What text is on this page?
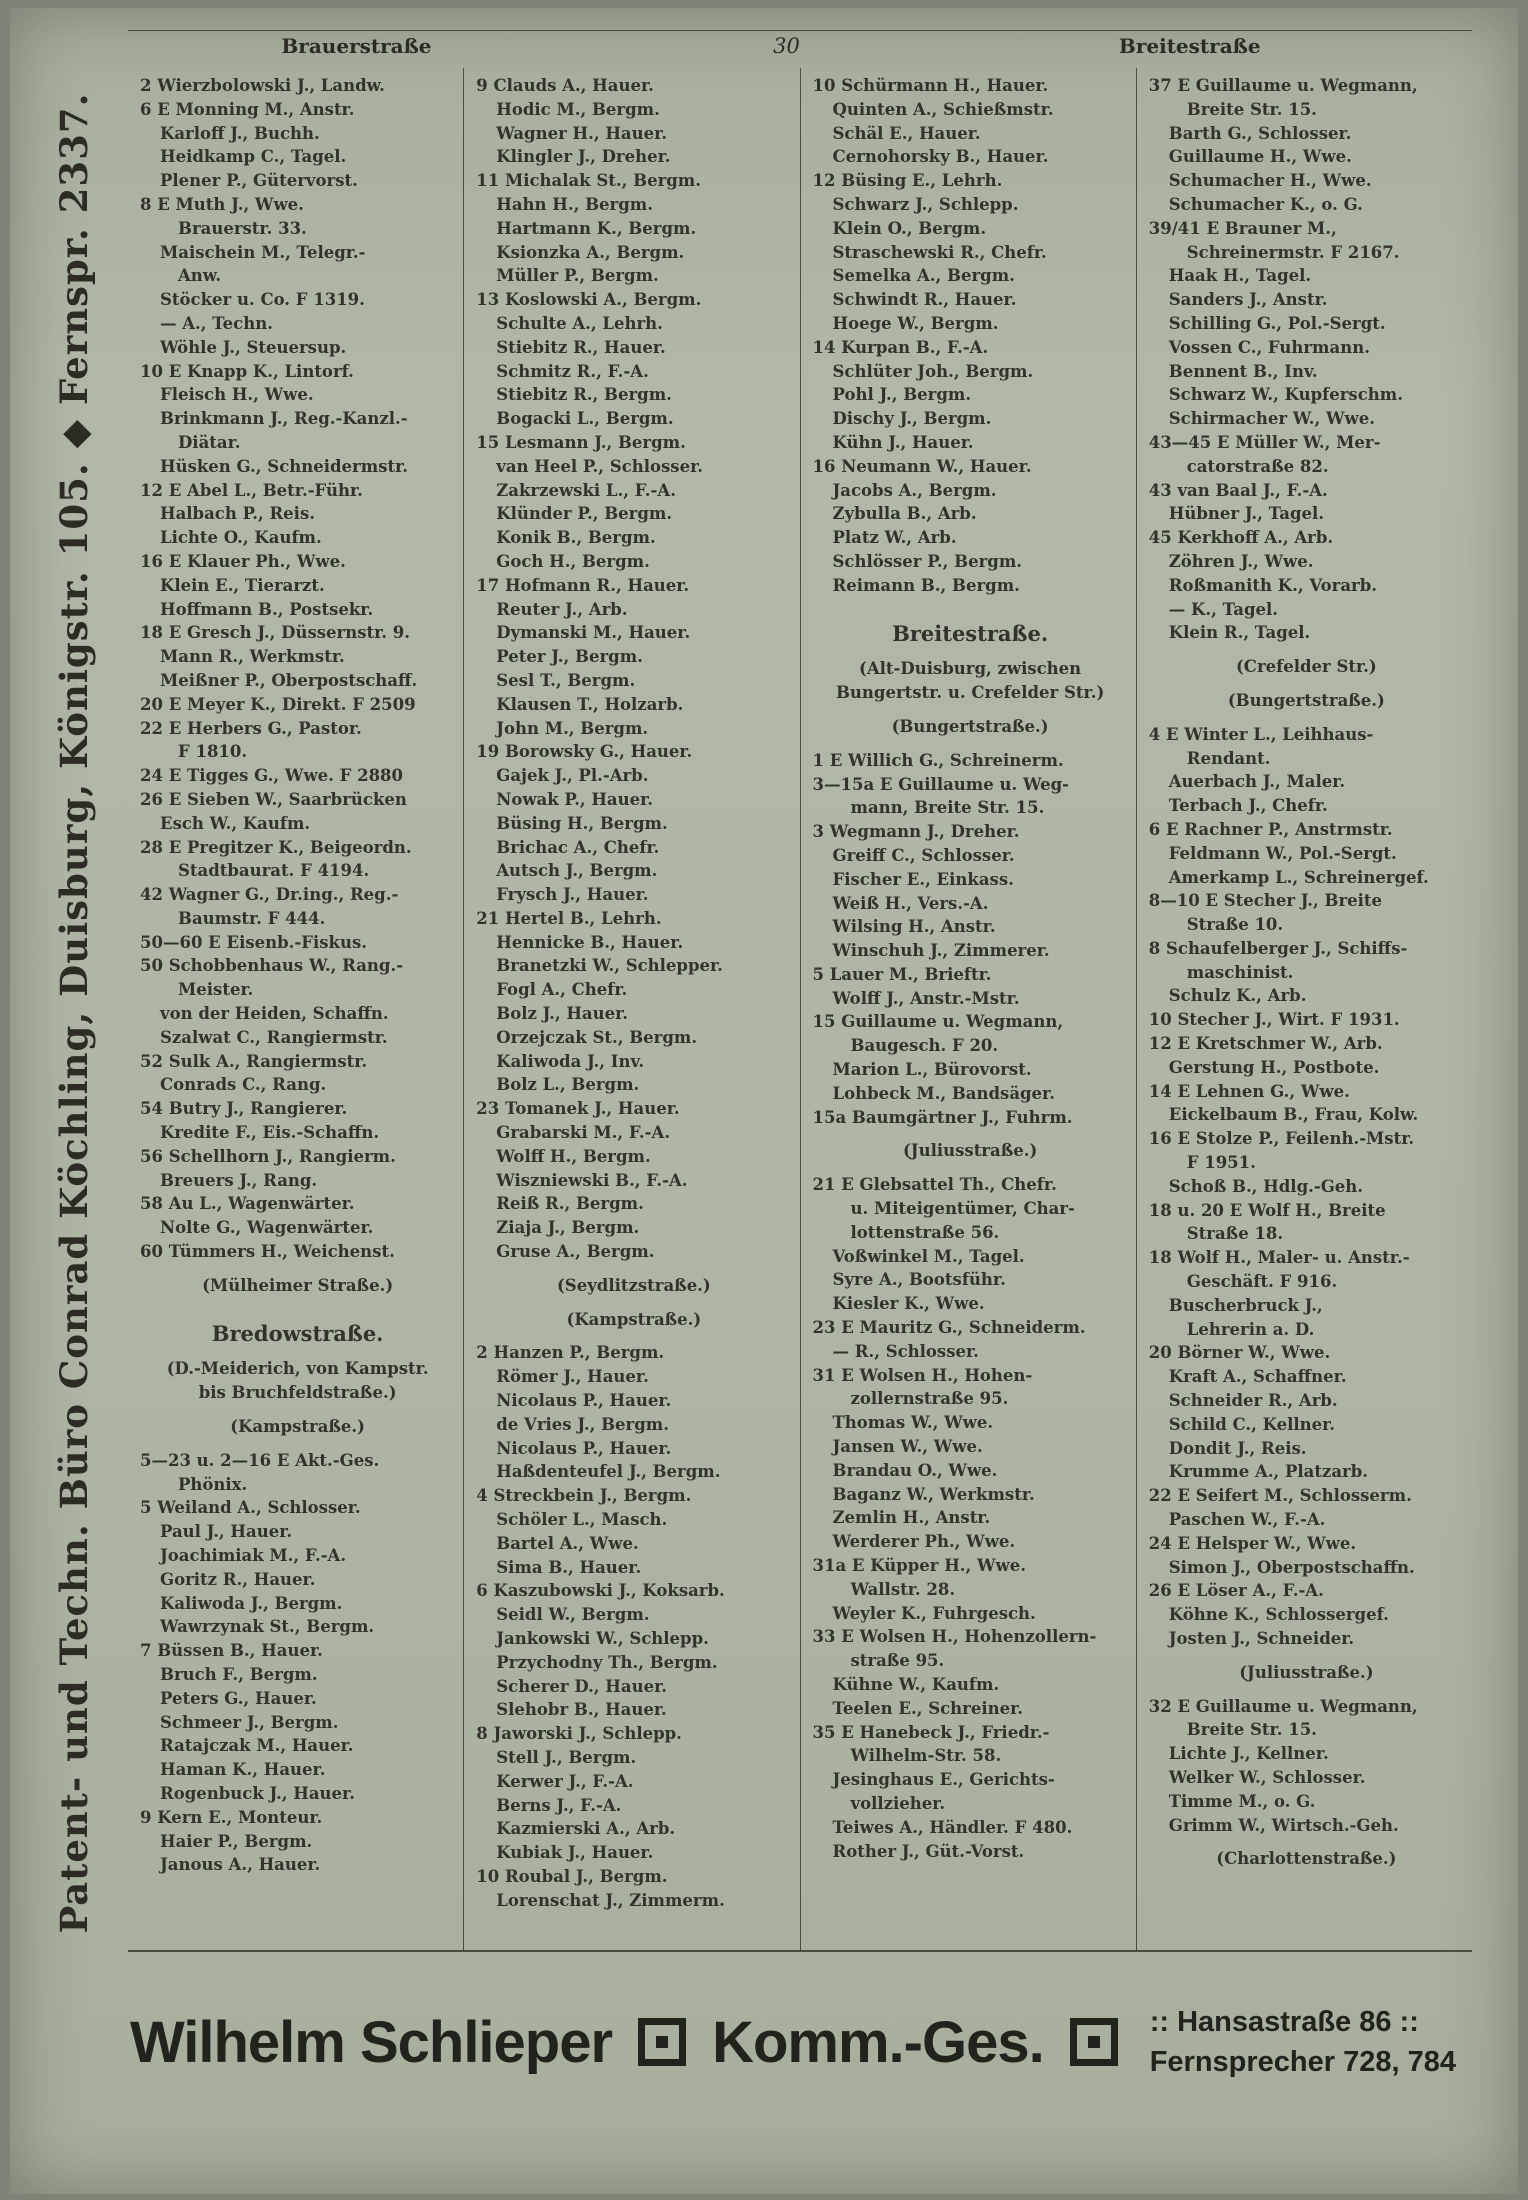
Patent- und Techn. Büro Conrad Köchling, Duisburg, Königstr. 105. ◆ Fernspr. 2337.
Brauerstraße	30	Breitestraße
2 Wierzbolowski J., Landw.
6 E Monning M., Anstr.
Karloff J., Buchh.
Heidkamp C., Tagel.
Plener P., Gütervorst.
8 E Muth J., Wwe.
Brauerstr. 33.
Maischein M., Telegr.-
Anw.
Stöcker u. Co. F 1319.
— A., Techn.
Wöhle J., Steuersup.
10 E Knapp K., Lintorf.
Fleisch H., Wwe.
Brinkmann J., Reg.-Kanzl.-
Diätar.
Hüsken G., Schneidermstr.
12 E Abel L., Betr.-Führ.
Halbach P., Reis.
Lichte O., Kaufm.
16 E Klauer Ph., Wwe.
Klein E., Tierarzt.
Hoffmann B., Postsekr.
18 E Gresch J., Düssernstr. 9.
Mann R., Werkmstr.
Meißner P., Oberpostschaff.
20 E Meyer K., Direkt. F 2509
22 E Herbers G., Pastor.
F 1810.
24 E Tigges G., Wwe. F 2880
26 E Sieben W., Saarbrücken
Esch W., Kaufm.
28 E Pregitzer K., Beigeordn.
Stadtbaurat. F 4194.
42 Wagner G., Dr.ing., Reg.-
Baumstr. F 444.
50—60 E Eisenb.-Fiskus.
50 Schobbenhaus W., Rang.-
Meister.
von der Heiden, Schaffn.
Szalwat C., Rangiermstr.
52 Sulk A., Rangiermstr.
Conrads C., Rang.
54 Butry J., Rangierer.
Kredite F., Eis.-Schaffn.
56 Schellhorn J., Rangierm.
Breuers J., Rang.
58 Au L., Wagenwärter.
Nolte G., Wagenwärter.
60 Tümmers H., Weichenst.
(Mülheimer Straße.)
Bredowstraße.
(D.-Meiderich, von Kampstr.
bis Bruchfeldstraße.)
(Kampstraße.)
5—23 u. 2—16 E Akt.-Ges.
Phönix.
5 Weiland A., Schlosser.
Paul J., Hauer.
Joachimiak M., F.-A.
Goritz R., Hauer.
Kaliwoda J., Bergm.
Wawrzynak St., Bergm.
7 Büssen B., Hauer.
Bruch F., Bergm.
Peters G., Hauer.
Schmeer J., Bergm.
Ratajczak M., Hauer.
Haman K., Hauer.
Rogenbuck J., Hauer.
9 Kern E., Monteur.
Haier P., Bergm.
Janous A., Hauer.
9 Clauds A., Hauer.
Hodic M., Bergm.
Wagner H., Hauer.
Klingler J., Dreher.
11 Michalak St., Bergm.
Hahn H., Bergm.
Hartmann K., Bergm.
Ksionzka A., Bergm.
Müller P., Bergm.
13 Koslowski A., Bergm.
Schulte A., Lehrh.
Stiebitz R., Hauer.
Schmitz R., F.-A.
Stiebitz R., Bergm.
Bogacki L., Bergm.
15 Lesmann J., Bergm.
van Heel P., Schlosser.
Zakrzewski L., F.-A.
Klünder P., Bergm.
Konik B., Bergm.
Goch H., Bergm.
17 Hofmann R., Hauer.
Reuter J., Arb.
Dymanski M., Hauer.
Peter J., Bergm.
Sesl T., Bergm.
Klausen T., Holzarb.
John M., Bergm.
19 Borowsky G., Hauer.
Gajek J., Pl.-Arb.
Nowak P., Hauer.
Büsing H., Bergm.
Brichac A., Chefr.
Autsch J., Bergm.
Frysch J., Hauer.
21 Hertel B., Lehrh.
Hennicke B., Hauer.
Branetzki W., Schlepper.
Fogl A., Chefr.
Bolz J., Hauer.
Orzejczak St., Bergm.
Kaliwoda J., Inv.
Bolz L., Bergm.
23 Tomanek J., Hauer.
Grabarski M., F.-A.
Wolff H., Bergm.
Wiszniewski B., F.-A.
Reiß R., Bergm.
Ziaja J., Bergm.
Gruse A., Bergm.
(Seydlitzstraße.)
(Kampstraße.)
2 Hanzen P., Bergm.
Römer J., Hauer.
Nicolaus P., Hauer.
de Vries J., Bergm.
Nicolaus P., Hauer.
Haßdenteufel J., Bergm.
4 Streckbein J., Bergm.
Schöler L., Masch.
Bartel A., Wwe.
Sima B., Hauer.
6 Kaszubowski J., Koksarb.
Seidl W., Bergm.
Jankowski W., Schlepp.
Przychodny Th., Bergm.
Scherer D., Hauer.
Slehobr B., Hauer.
8 Jaworski J., Schlepp.
Stell J., Bergm.
Kerwer J., F.-A.
Berns J., F.-A.
Kazmierski A., Arb.
Kubiak J., Hauer.
10 Roubal J., Bergm.
Lorenschat J., Zimmerm.
10 Schürmann H., Hauer.
Quinten A., Schießmstr.
Schäl E., Hauer.
Cernohorsky B., Hauer.
12 Büsing E., Lehrh.
Schwarz J., Schlepp.
Klein O., Bergm.
Straschewski R., Chefr.
Semelka A., Bergm.
Schwindt R., Hauer.
Hoege W., Bergm.
14 Kurpan B., F.-A.
Schlüter Joh., Bergm.
Pohl J., Bergm.
Dischy J., Bergm.
Kühn J., Hauer.
16 Neumann W., Hauer.
Jacobs A., Bergm.
Zybulla B., Arb.
Platz W., Arb.
Schlösser P., Bergm.
Reimann B., Bergm.
Breitestraße.
(Alt-Duisburg, zwischen
Bungertstr. u. Crefelder Str.)
(Bungertstraße.)
1 E Willich G., Schreinerm.
3—15a E Guillaume u. Weg-
mann, Breite Str. 15.
3 Wegmann J., Dreher.
Greiff C., Schlosser.
Fischer E., Einkass.
Weiß H., Vers.-A.
Wilsing H., Anstr.
Winschuh J., Zimmerer.
5 Lauer M., Brieftr.
Wolff J., Anstr.-Mstr.
15 Guillaume u. Wegmann,
Baugesch. F 20.
Marion L., Bürovorst.
Lohbeck M., Bandsäger.
15a Baumgärtner J., Fuhrm.
(Juliusstraße.)
21 E Glebsattel Th., Chefr.
u. Miteigentümer, Char-
lottenstraße 56.
Voßwinkel M., Tagel.
Syre A., Bootsführ.
Kiesler K., Wwe.
23 E Mauritz G., Schneiderm.
— R., Schlosser.
31 E Wolsen H., Hohen-
zollernstraße 95.
Thomas W., Wwe.
Jansen W., Wwe.
Brandau O., Wwe.
Baganz W., Werkmstr.
Zemlin H., Anstr.
Werderer Ph., Wwe.
31a E Küpper H., Wwe.
Wallstr. 28.
Weyler K., Fuhrgesch.
33 E Wolsen H., Hohenzollern-
straße 95.
Kühne W., Kaufm.
Teelen E., Schreiner.
35 E Hanebeck J., Friedr.-
Wilhelm-Str. 58.
Jesinghaus E., Gerichts-
vollzieher.
Teiwes A., Händler. F 480.
Rother J., Güt.-Vorst.
37 E Guillaume u. Wegmann,
Breite Str. 15.
Barth G., Schlosser.
Guillaume H., Wwe.
Schumacher H., Wwe.
Schumacher K., o. G.
39/41 E Brauner M.,
Schreinermstr. F 2167.
Haak H., Tagel.
Sanders J., Anstr.
Schilling G., Pol.-Sergt.
Vossen C., Fuhrmann.
Bennent B., Inv.
Schwarz W., Kupferschm.
Schirmacher W., Wwe.
43—45 E Müller W., Mer-
catorstraße 82.
43 van Baal J., F.-A.
Hübner J., Tagel.
45 Kerkhoff A., Arb.
Zöhren J., Wwe.
Roßmanith K., Vorarb.
— K., Tagel.
Klein R., Tagel.
(Crefelder Str.)
(Bungertstraße.)
4 E Winter L., Leihhaus-
Rendant.
Auerbach J., Maler.
Terbach J., Chefr.
6 E Rachner P., Anstrmstr.
Feldmann W., Pol.-Sergt.
Amerkamp L., Schreinergef.
8—10 E Stecher J., Breite
Straße 10.
8 Schaufelberger J., Schiffs-
maschinist.
Schulz K., Arb.
10 Stecher J., Wirt. F 1931.
12 E Kretschmer W., Arb.
Gerstung H., Postbote.
14 E Lehnen G., Wwe.
Eickelbaum B., Frau, Kolw.
16 E Stolze P., Feilenh.-Mstr.
F 1951.
Schoß B., Hdlg.-Geh.
18 u. 20 E Wolf H., Breite
Straße 18.
18 Wolf H., Maler- u. Anstr.-
Geschäft. F 916.
Buscherbruck J.,
Lehrerin a. D.
20 Börner W., Wwe.
Kraft A., Schaffner.
Schneider R., Arb.
Schild C., Kellner.
Dondit J., Reis.
Krumme A., Platzarb.
22 E Seifert M., Schlosserm.
Paschen W., F.-A.
24 E Helsper W., Wwe.
Simon J., Oberpostschaffn.
26 E Löser A., F.-A.
Köhne K., Schlossergef.
Josten J., Schneider.
(Juliusstraße.)
32 E Guillaume u. Wegmann,
Breite Str. 15.
Lichte J., Kellner.
Welker W., Schlosser.
Timme M., o. G.
Grimm W., Wirtsch.-Geh.
(Charlottenstraße.)
Wilhelm Schlieper Komm.-Ges.	:: Hansastraße 86 ::
Fernsprecher 728, 784
